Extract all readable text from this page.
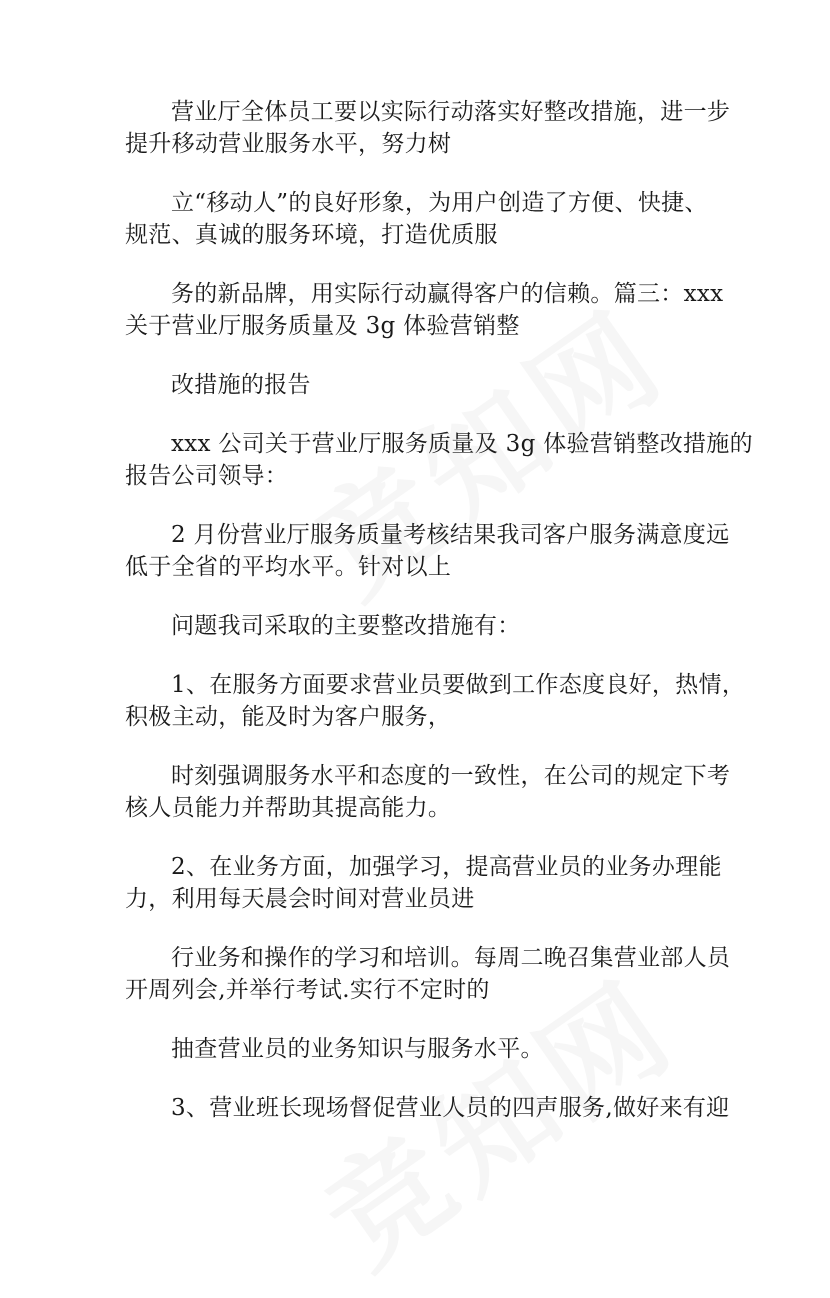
营业厅全体员工要以实际行动落实好整改措施，进一步
提升移动营业服务水平，努力树

立“移动人”的良好形象，为用户创造了方便、快捷、
规范、真诚的服务环境，打造优质服

务的新品牌，用实际行动赢得客户的信赖。篇三：xxx
关于营业厅服务质量及 3g 体验营销整

改措施的报告

xxx 公司关于营业厅服务质量及 3g 体验营销整改措施的
报告公司领导：

2 月份营业厅服务质量考核结果我司客户服务满意度远
低于全省的平均水平。针对以上

问题我司采取的主要整改措施有：

1、在服务方面要求营业员要做到工作态度良好，热情，
积极主动，能及时为客户服务，

时刻强调服务水平和态度的一致性，在公司的规定下考
核人员能力并帮助其提高能力。

2、在业务方面，加强学习，提高营业员的业务办理能
力，利用每天晨会时间对营业员进

行业务和操作的学习和培训。每周二晚召集营业部人员
开周列会,并举行考试.实行不定时的

抽查营业员的业务知识与服务水平。

3、营业班长现场督促营业人员的四声服务,做好来有迎
